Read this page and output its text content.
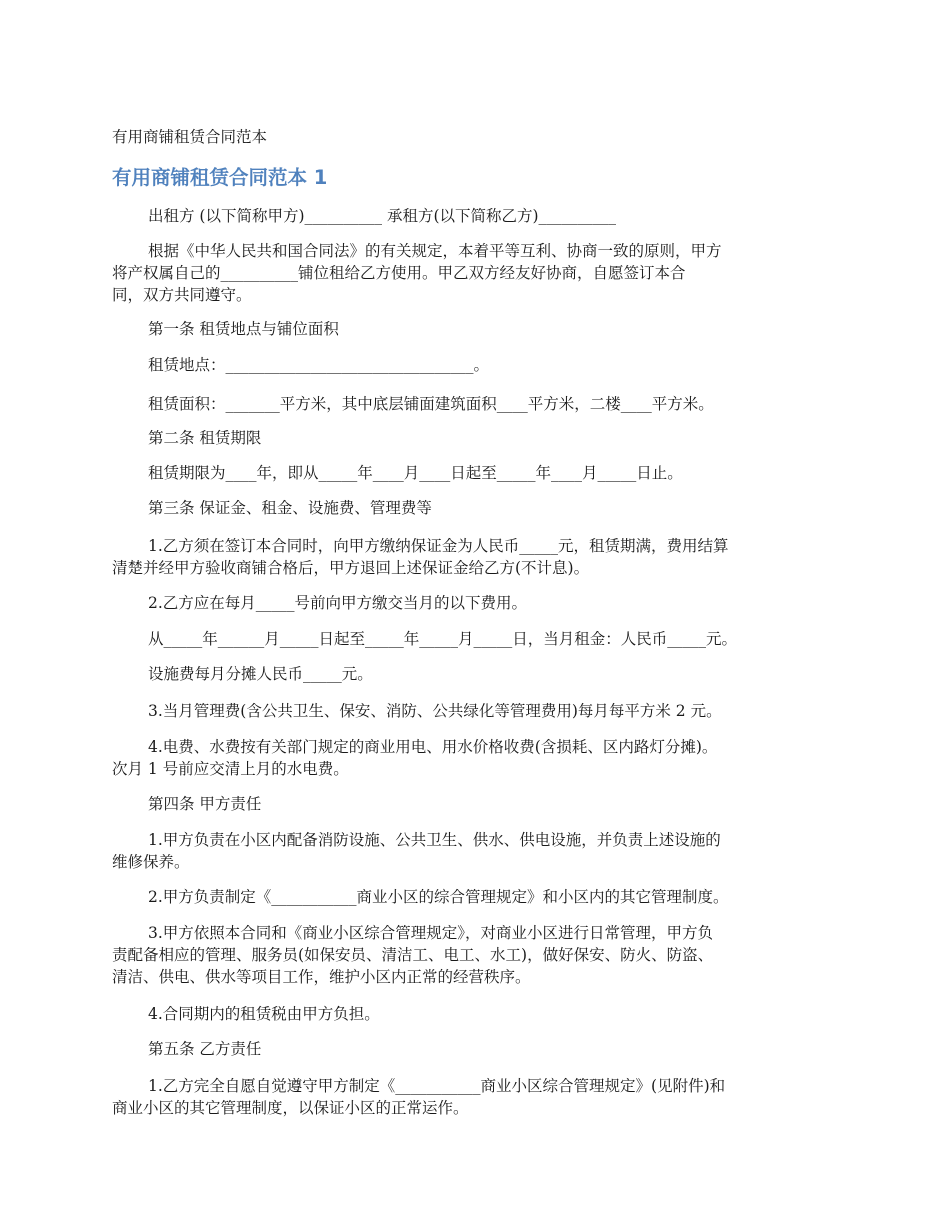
有用商铺租赁合同范本
有用商铺租赁合同范本 1
出租方 (以下简称甲方)__________ 承租方(以下简称乙方)__________
根据《中华人民共和国合同法》的有关规定，本着平等互利、协商一致的原则，甲方
将产权属自己的__________铺位租给乙方使用。甲乙双方经友好协商，自愿签订本合
同，双方共同遵守。
第一条 租赁地点与铺位面积
租赁地点：________________________________。
租赁面积：_______平方米，其中底层铺面建筑面积____平方米，二楼____平方米。
第二条 租赁期限
租赁期限为____年，即从_____年____月____日起至_____年____月_____日止。
第三条 保证金、租金、设施费、管理费等
1.乙方须在签订本合同时，向甲方缴纳保证金为人民币_____元，租赁期满，费用结算
清楚并经甲方验收商铺合格后，甲方退回上述保证金给乙方(不计息)。
2.乙方应在每月_____号前向甲方缴交当月的以下费用。
从_____年______月_____日起至_____年_____月_____日，当月租金：人民币_____元。
设施费每月分摊人民币_____元。
3.当月管理费(含公共卫生、保安、消防、公共绿化等管理费用)每月每平方米 2 元。
4.电费、水费按有关部门规定的商业用电、用水价格收费(含损耗、区内路灯分摊)。
次月 1 号前应交清上月的水电费。
第四条 甲方责任
1.甲方负责在小区内配备消防设施、公共卫生、供水、供电设施，并负责上述设施的
维修保养。
2.甲方负责制定《___________商业小区的综合管理规定》和小区内的其它管理制度。
3.甲方依照本合同和《商业小区综合管理规定》，对商业小区进行日常管理，甲方负
责配备相应的管理、服务员(如保安员、清洁工、电工、水工)，做好保安、防火、防盗、
清洁、供电、供水等项目工作，维护小区内正常的经营秩序。
4.合同期内的租赁税由甲方负担。
第五条 乙方责任
1.乙方完全自愿自觉遵守甲方制定《___________商业小区综合管理规定》(见附件)和
商业小区的其它管理制度，以保证小区的正常运作。
